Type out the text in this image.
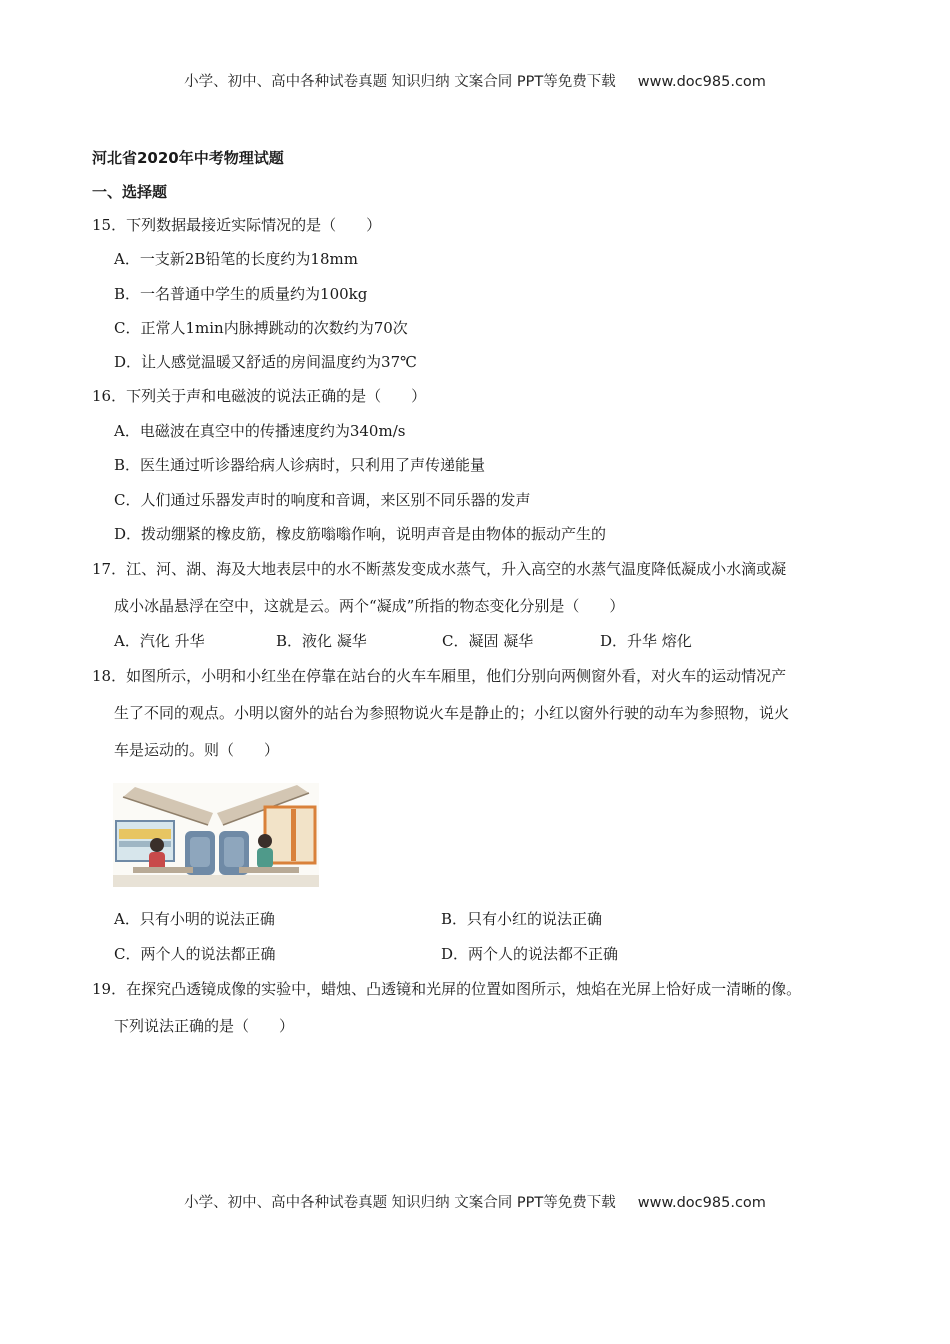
小学、初中、高中各种试卷真题 知识归纳 文案合同 PPT等免费下载 www.doc985.com
河北省2020年中考物理试题
一、选择题
15．下列数据最接近实际情况的是（　　）
A．一支新2B铅笔的长度约为18mm
B．一名普通中学生的质量约为100kg
C．正常人1min内脉搏跳动的次数约为70次
D．让人感觉温暖又舒适的房间温度约为37℃
16．下列关于声和电磁波的说法正确的是（　　）
A．电磁波在真空中的传播速度约为340m/s
B．医生通过听诊器给病人诊病时，只利用了声传递能量
C．人们通过乐器发声时的响度和音调，来区别不同乐器的发声
D．拨动绷紧的橡皮筋，橡皮筋嗡嗡作响，说明声音是由物体的振动产生的
17．江、河、湖、海及大地表层中的水不断蒸发变成水蒸气，升入高空的水蒸气温度降低凝成小水滴或凝
成小冰晶悬浮在空中，这就是云。两个“凝成”所指的物态变化分别是（　　）
A．汽化 升华	B．液化 凝华	C．凝固 凝华	D．升华 熔化
18．如图所示，小明和小红坐在停靠在站台的火车车厢里，他们分别向两侧窗外看，对火车的运动情况产
生了不同的观点。小明以窗外的站台为参照物说火车是静止的；小红以窗外行驶的动车为参照物，说火
车是运动的。则（　　）
A．只有小明的说法正确	B．只有小红的说法正确
C．两个人的说法都正确	D．两个人的说法都不正确
19．在探究凸透镜成像的实验中，蜡烛、凸透镜和光屏的位置如图所示，烛焰在光屏上恰好成一清晰的像。
下列说法正确的是（　　）
小学、初中、高中各种试卷真题 知识归纳 文案合同 PPT等免费下载 www.doc985.com
